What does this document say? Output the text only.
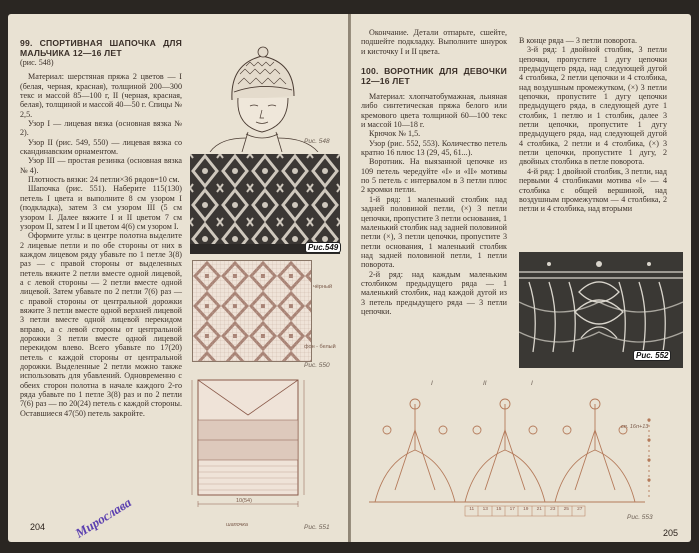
99. СПОРТИВНАЯ ШАПОЧКА ДЛЯ МАЛЬЧИКА 12—16 ЛЕТ

(рис. 548)

Материал: шерстяная пряжа 2 цветов — I (белая, черная, красная), толщиной 200—300 текс и массой 85—100 г, II (черная, красная, белая), толщиной и массой 40—50 г. Спицы № 2,5.

Узор I — лицевая вязка (основная вязка № 2).

Узор II (рис. 549, 550) — лицевая вязка со скандинавским орнаментом.

Узор III — простая резинка (основная вязка № 4).

Плотность вязки: 24 петли×36 рядов=10 см.

Шапочка (рис. 551). Наберите 115(130) петель I цвета и выполните 8 см узором I (подкладка), затем 3 см узором III (5 см узором I. Далее вяжите I и II цветом 7 см узором II, затем I и II цветом 4(6) см узором I.

Оформите углы: в центре полотна выделите 2 лицевые петли и по обе стороны от них в каждом лицевом ряду убавьте по 1 петле 3(8) раз — с правой стороны от выделенных петель вяжите 2 петли вместе одной лицевой, а с левой стороны — 2 петли вместе одной лицевой. Затем убавьте по 2 петли 7(6) раз — с правой стороны от центральной дорожки вяжите 3 петли вместе одной верхней лицевой 3 петли вместе одной лицевой перекидом вправо, а с левой стороны от центральной дорожки 3 петли вместе одной лицевой перекидом влево. Всего убавьте по 17(20) петель с каждой стороны от центральной дорожки. Выделенные 2 петли можно также использовать для убавлений. Одновременно с обеих сторон полотна в начале каждого 2-го ряда убавьте по 1 петле 3(8) раз и по 2 петли 7(6) раз — по 20(24) петель с каждой стороны. Оставшиеся 47(50) петель закройте.

Рис. 548
Рис.549
чёрный
фон - белый
Рис. 550
10(54)
шапочка	Рис. 551
204 Мирослава

Окончание. Детали отпарьте, сшейте, подшейте подкладку. Выполните шнурок и кисточку I и II цвета.

100. ВОРОТНИК ДЛЯ ДЕВОЧКИ 12—16 ЛЕТ

Материал: хлопчатобумажная, льняная либо синтетическая пряжа белого или кремового цвета толщиной 60—100 текс и массой 10—18 г.

Крючок № 1,5.

Узор (рис. 552, 553). Количество петель кратно 16 плюс 13 (29, 45, 61...).

Воротник. На выязанной цепочке из 109 петель чередуйте «I» и «II» мотивы по 5 петель с интервалом в 3 петли плюс 2 кромки петли.

1-й ряд: 1 маленький столбик над задней половиной петли, (×) 3 петли цепочки, пропустите 3 петли основания, 1 маленький столбик над задней половиной петли (×), 3 петли цепочки, пропустите 3 петли основания, 1 маленький столбик над задней половиной петли, 1 петли поворота.

2-й ряд: над каждым маленьким столбиком предыдущего ряда — 1 маленький столбик, над каждой дугой из 3 петель предыдущего ряда — 3 петли цепочки.

В конце ряда — 3 петли поворота.

3-й ряд: 1 двойной столбик, 3 петли цепочки, пропустите 1 дугу цепочки предыдущего ряда, над следующей дугой 4 столбика, 2 петли цепочки и 4 столбика, над воздушным промежутком, (×) 3 петли цепочки, пропустите 1 дугу цепочки предыдущего ряда, в следующей дуге 1 столбик, 1 петлю и 1 столбик, далее 3 петли цепочки, пропустите 1 дугу предыдущего ряда, над следующей дугой 4 столбика, 2 петли и 4 столбика, (×) 3 петли цепочки, пропустите 1 дугу, 2 двойных столбика в петле поворота.

4-й ряд: 1 двойной столбик, 3 петли, над первыми 4 столбиками мотива «I» — 4 столбика с общей вершиной, над воздушным промежутком — 4 столбика, 2 петли и 4 столбика, над вторыми

Рис. 552
I	II	I
11	13	15	17	19	21	23	25	27
сп. 16п+13
Рис. 553
205
